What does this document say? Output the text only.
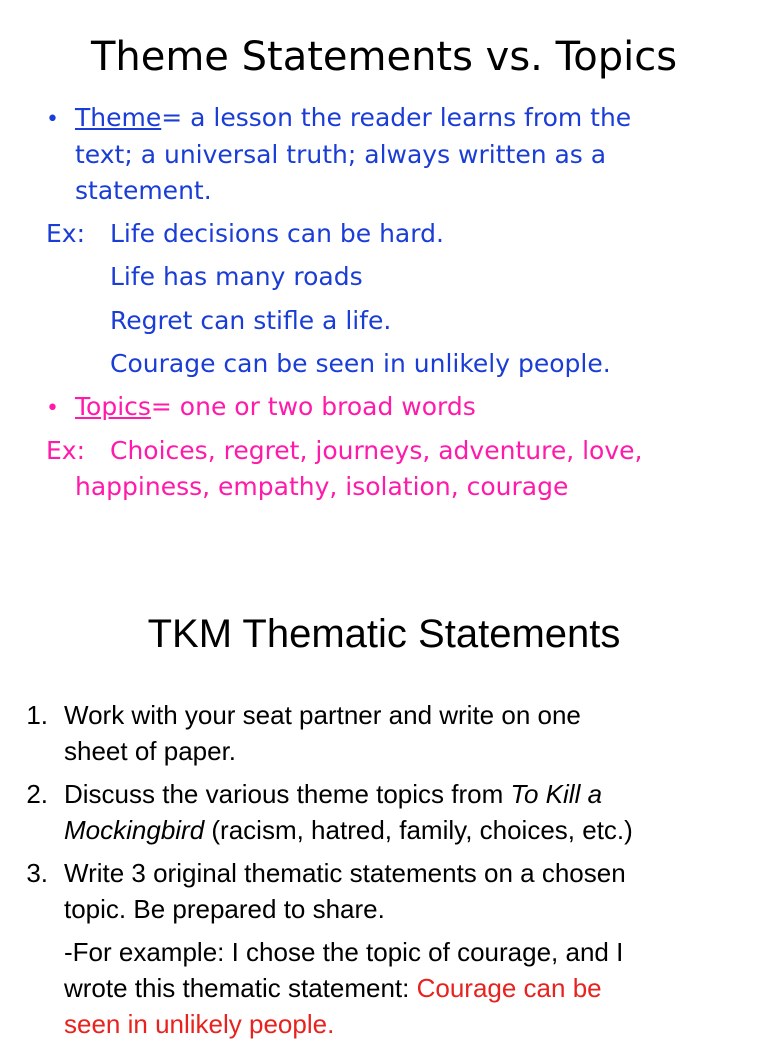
Theme Statements vs. Topics
• Theme= a lesson the reader learns from the
text; a universal truth; always written as a
statement.
Ex: Life decisions can be hard.
Life has many roads
Regret can stifle a life.
Courage can be seen in unlikely people.
• Topics= one or two broad words
Ex: Choices, regret, journeys, adventure, love,
happiness, empathy, isolation, courage
TKM Thematic Statements
1. Work with your seat partner and write on one
sheet of paper.
2. Discuss the various theme topics from To Kill a
Mockingbird (racism, hatred, family, choices, etc.)
3. Write 3 original thematic statements on a chosen
topic. Be prepared to share.
-For example: I chose the topic of courage, and I
wrote this thematic statement: Courage can be
seen in unlikely people.
